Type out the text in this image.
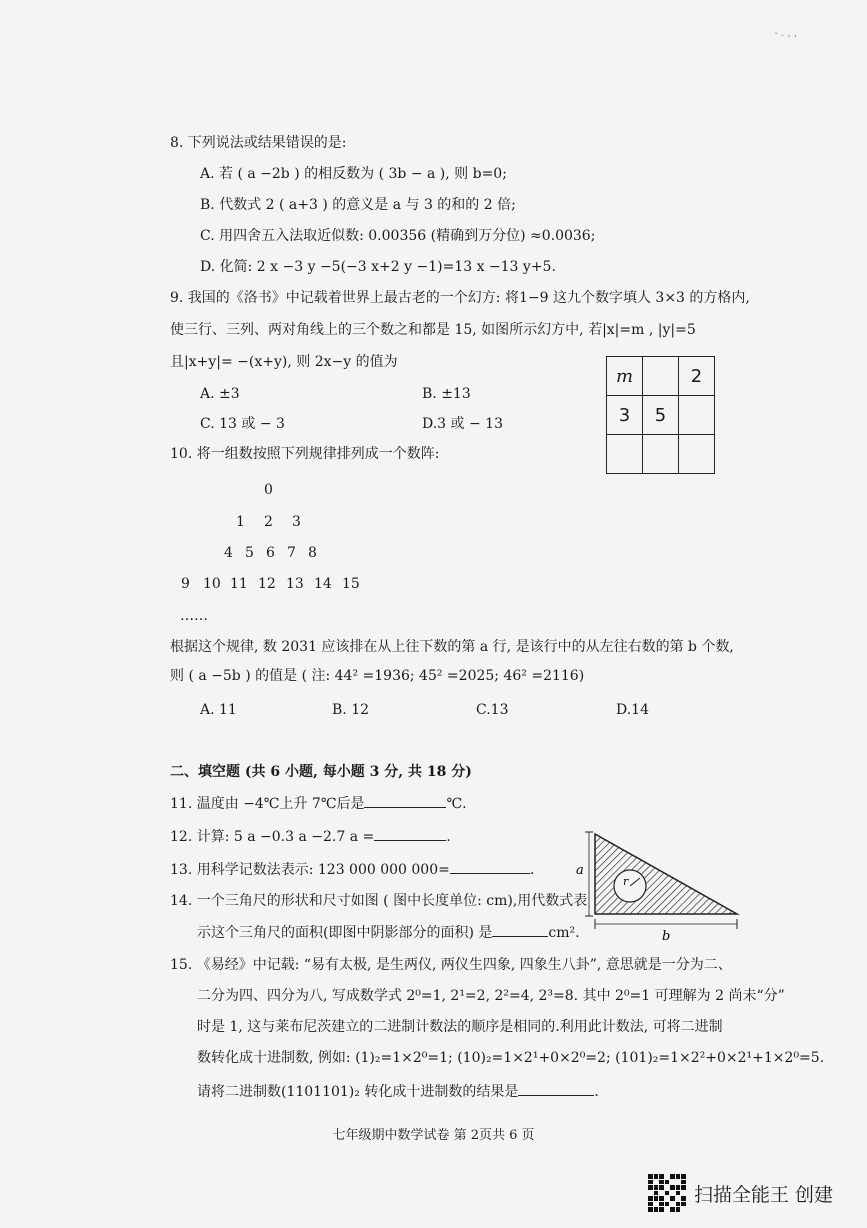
- . , ,
8. 下列说法或结果错误的是:
A. 若 ( a −2b ) 的相反数为 ( 3b − a ), 则 b=0;
B. 代数式 2 ( a+3 ) 的意义是 a 与 3 的和的 2 倍;
C. 用四舍五入法取近似数: 0.00356 (精确到万分位) ≈0.0036;
D. 化简: 2 x −3 y −5(−3 x+2 y −1)=13 x −13 y+5.
9. 我国的《洛书》中记载着世界上最古老的一个幻方: 将1−9 这九个数字填人 3×3 的方格内,
使三行、三列、两对角线上的三个数之和都是 15, 如图所示幻方中, 若|x|=m , |y|=5
且|x+y|= −(x+y), 则 2x−y 的值为
A. ±3	B. ±13
C. 13 或 − 3	D.3 或 − 13
m		2
3	5	

10. 将一组数按照下列规律排列成一个数阵:
0
1 2 3
4 5 6 7 8
9 10 11 12 13 14 15
……
根据这个规律, 数 2031 应该排在从上往下数的第 a 行, 是该行中的从左往右数的第 b 个数,
则 ( a −5b ) 的值是 ( 注: 44² =1936; 45² =2025; 46² =2116)
A. 11	B. 12	C.13	D.14
二、填空题 (共 6 小题, 每小题 3 分, 共 18 分)
11. 温度由 −4℃上升 7℃后是	℃.
12. 计算: 5 a −0.3 a −2.7 a =	.
13. 用科学记数法表示: 123 000 000 000=	.
14. 一个三角尺的形状和尺寸如图 ( 图中长度单位: cm),用代数式表
示这个三角尺的面积(即图中阴影部分的面积) 是	cm².
r
a
b
15. 《易经》中记载: “易有太极, 是生两仪, 两仪生四象, 四象生八卦”, 意思就是一分为二、
二分为四、四分为八, 写成数学式 2⁰=1, 2¹=2, 2²=4, 2³=8. 其中 2⁰=1 可理解为 2 尚未“分”
时是 1, 这与莱布尼茨建立的二进制计数法的顺序是相同的.利用此计数法, 可将二进制
数转化成十进制数, 例如: (1)₂=1×2⁰=1; (10)₂=1×2¹+0×2⁰=2; (101)₂=1×2²+0×2¹+1×2⁰=5.
请将二进制数(1101101)₂ 转化成十进制数的结果是	.
七年级期中数学试卷 第 2页共 6 页
扫描全能王 创建
